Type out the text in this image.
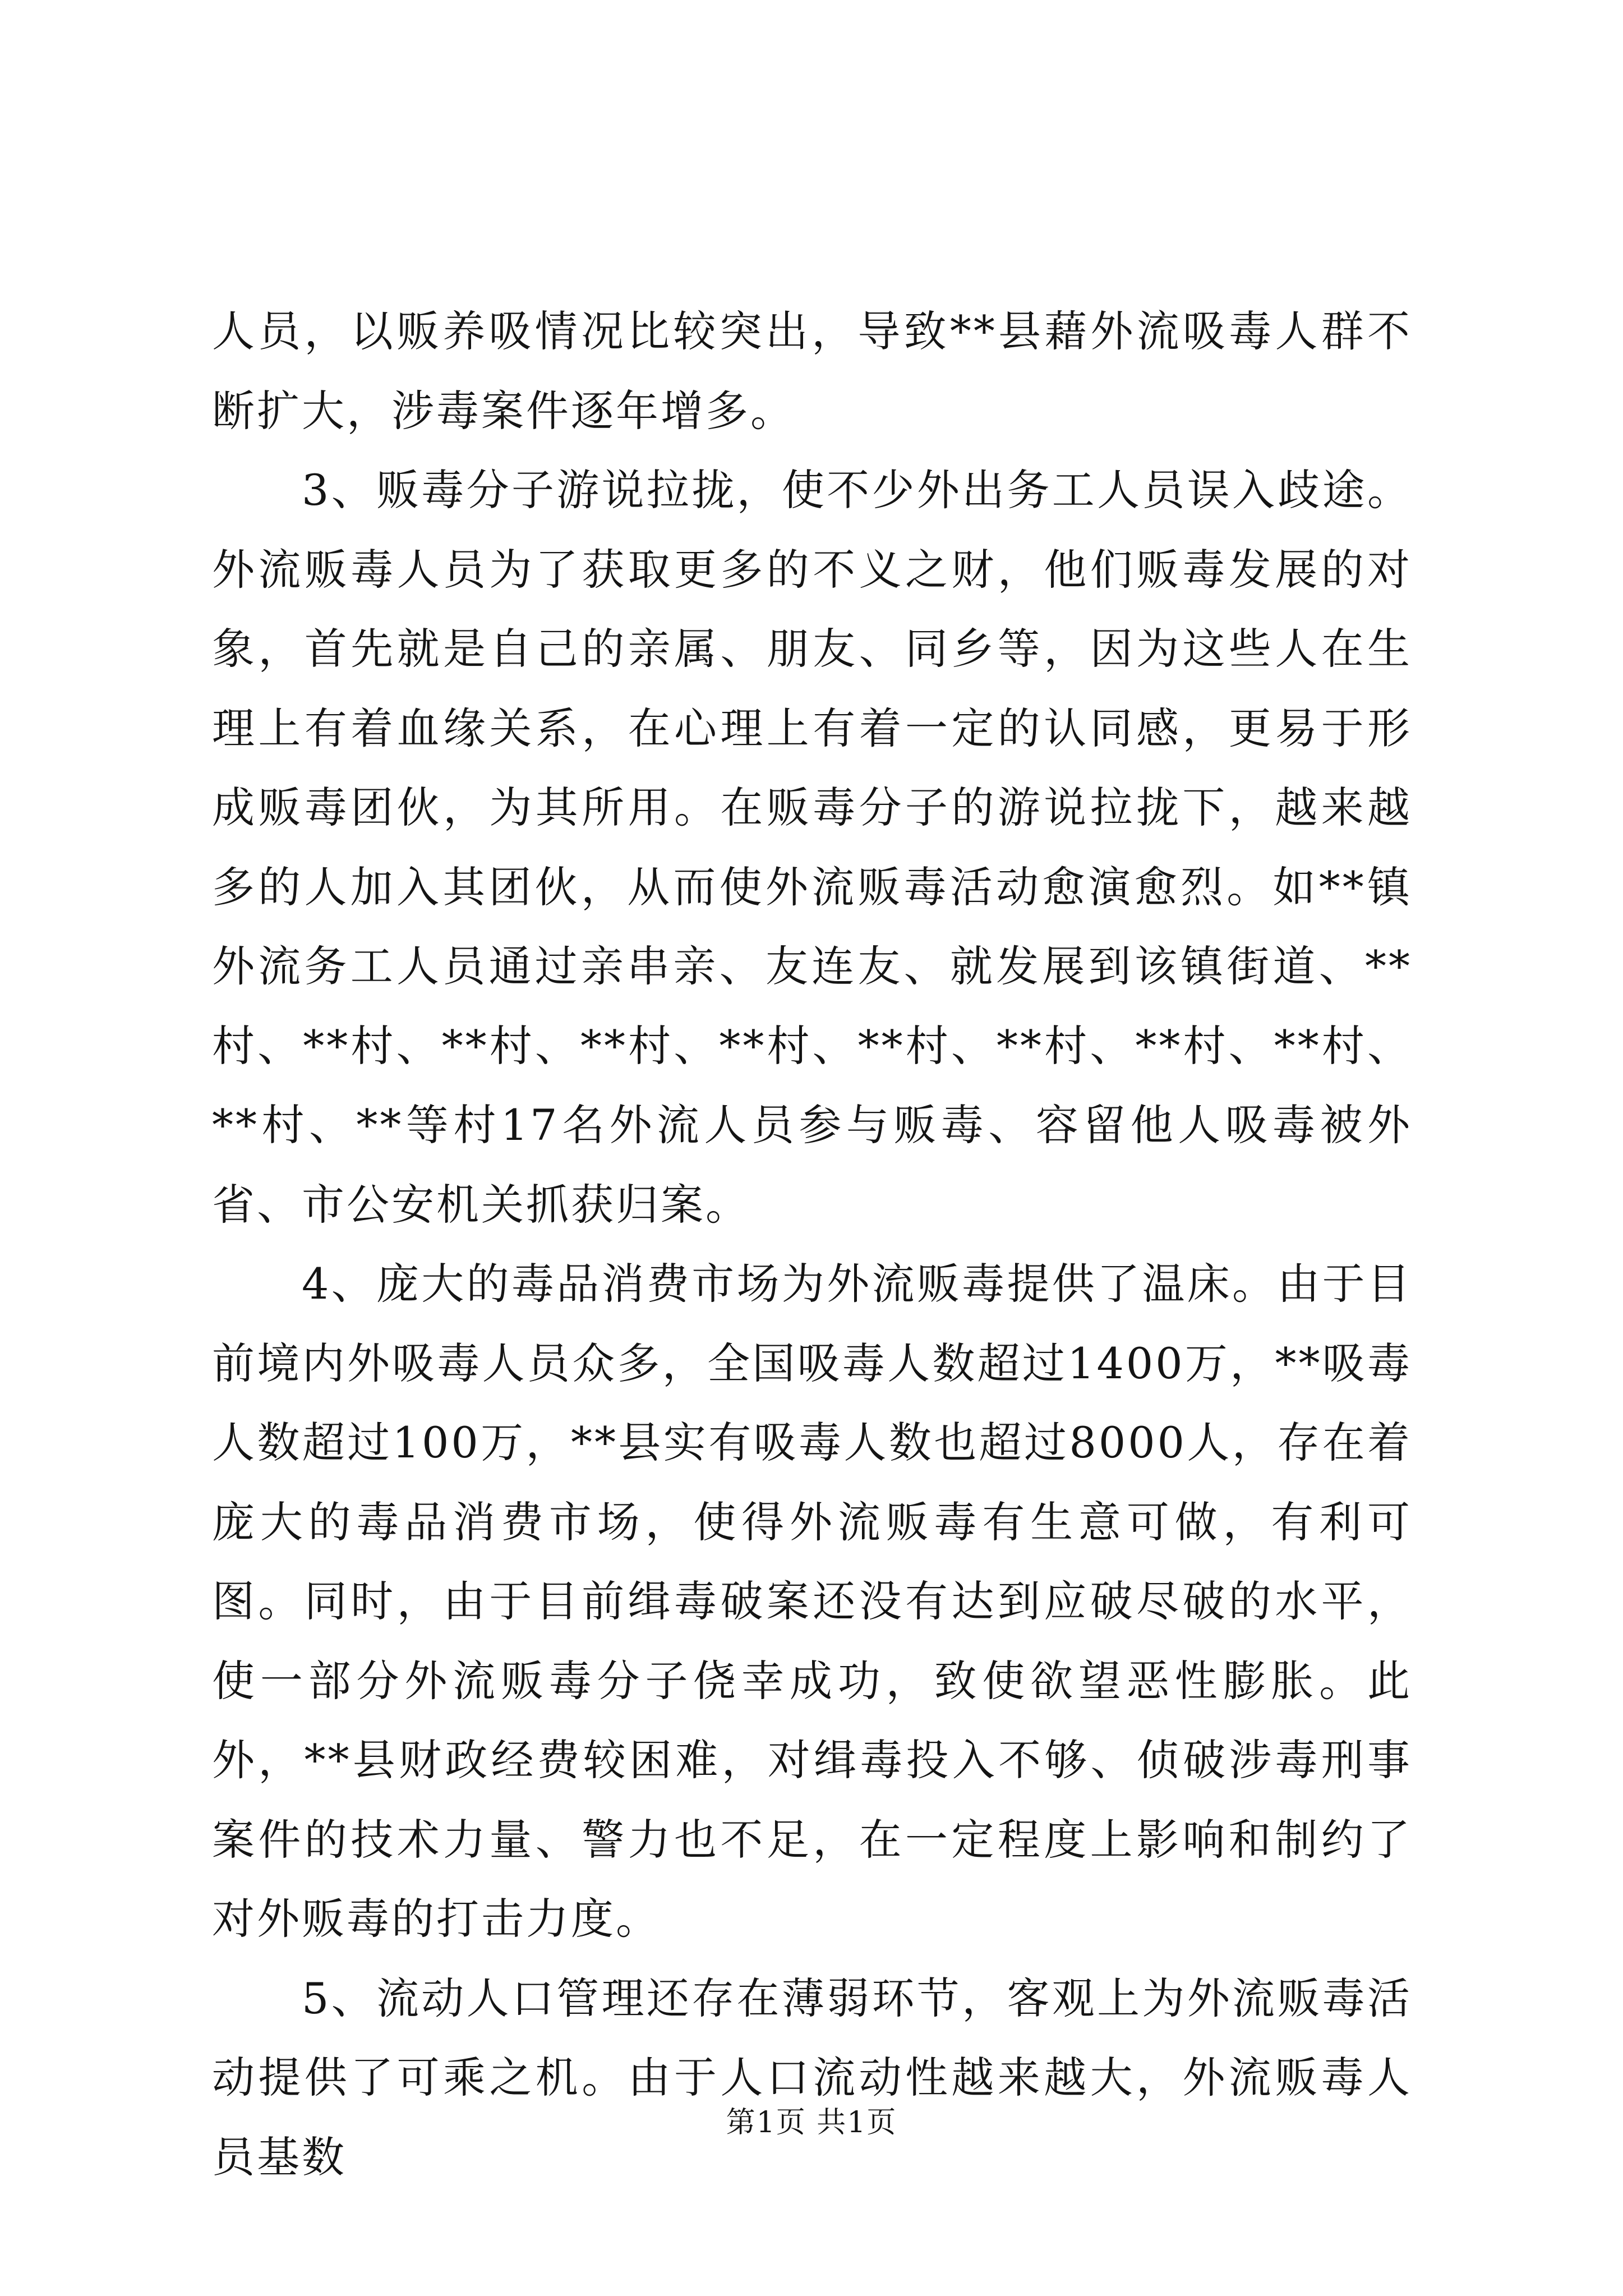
人员，以贩养吸情况比较突出，导致**县藉外流吸毒人群不断扩大，涉毒案件逐年增多。

3、贩毒分子游说拉拢，使不少外出务工人员误入歧途。外流贩毒人员为了获取更多的不义之财，他们贩毒发展的对象，首先就是自己的亲属、朋友、同乡等，因为这些人在生理上有着血缘关系，在心理上有着一定的认同感，更易于形成贩毒团伙，为其所用。在贩毒分子的游说拉拢下，越来越多的人加入其团伙，从而使外流贩毒活动愈演愈烈。如**镇外流务工人员通过亲串亲、友连友、就发展到该镇街道、**村、**村、**村、**村、**村、**村、**村、**村、**村、**村、**等村17名外流人员参与贩毒、容留他人吸毒被外省、市公安机关抓获归案。

4、庞大的毒品消费市场为外流贩毒提供了温床。由于目前境内外吸毒人员众多，全国吸毒人数超过1400万，**吸毒人数超过100万，**县实有吸毒人数也超过8000人，存在着庞大的毒品消费市场，使得外流贩毒有生意可做，有利可图。同时，由于目前缉毒破案还没有达到应破尽破的水平，使一部分外流贩毒分子侥幸成功，致使欲望恶性膨胀。此外，**县财政经费较困难，对缉毒投入不够、侦破涉毒刑事案件的技术力量、警力也不足，在一定程度上影响和制约了对外贩毒的打击力度。

5、流动人口管理还存在薄弱环节，客观上为外流贩毒活动提供了可乘之机。由于人口流动性越来越大，外流贩毒人员基数

第1页 共1页
